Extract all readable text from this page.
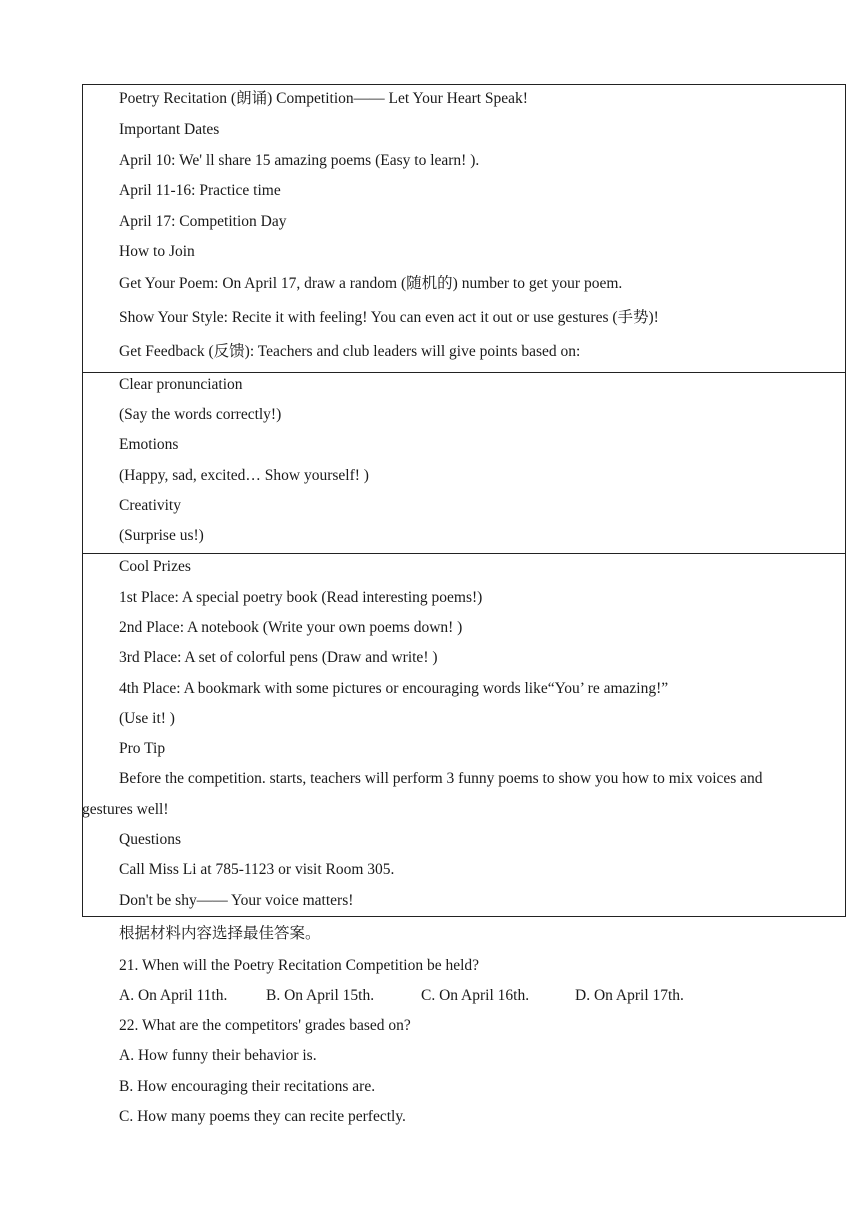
Poetry Recitation (朗诵) Competition—— Let Your Heart Speak!
Important Dates
April 10: We' ll share 15 amazing poems (Easy to learn! ).
April 11-16: Practice time
April 17: Competition Day
How to Join
Get Your Poem: On April 17, draw a random (随机的) number to get your poem.
Show Your Style: Recite it with feeling! You can even act it out or use gestures (手势)!
Get Feedback (反馈): Teachers and club leaders will give points based on:
Clear pronunciation
(Say the words correctly!)
Emotions
(Happy, sad, excited… Show yourself! )
Creativity
(Surprise us!)
Cool Prizes
1st Place: A special poetry book (Read interesting poems!)
2nd Place: A notebook (Write your own poems down! )
3rd Place: A set of colorful pens (Draw and write! )
4th Place: A bookmark with some pictures or encouraging words like“You’ re amazing!”
(Use it! )
Pro Tip
Before the competition. starts, teachers will perform 3 funny poems to show you how to mix voices and
gestures well!
Questions
Call Miss Li at 785-1123 or visit Room 305.
Don't be shy—— Your voice matters!
根据材料内容选择最佳答案。
21. When will the Poetry Recitation Competition be held?
A. On April 11th. B. On April 15th.	C. On April 16th.	D. On April 17th.
22. What are the competitors' grades based on?
A. How funny their behavior is.
B. How encouraging their recitations are.
C. How many poems they can recite perfectly.
